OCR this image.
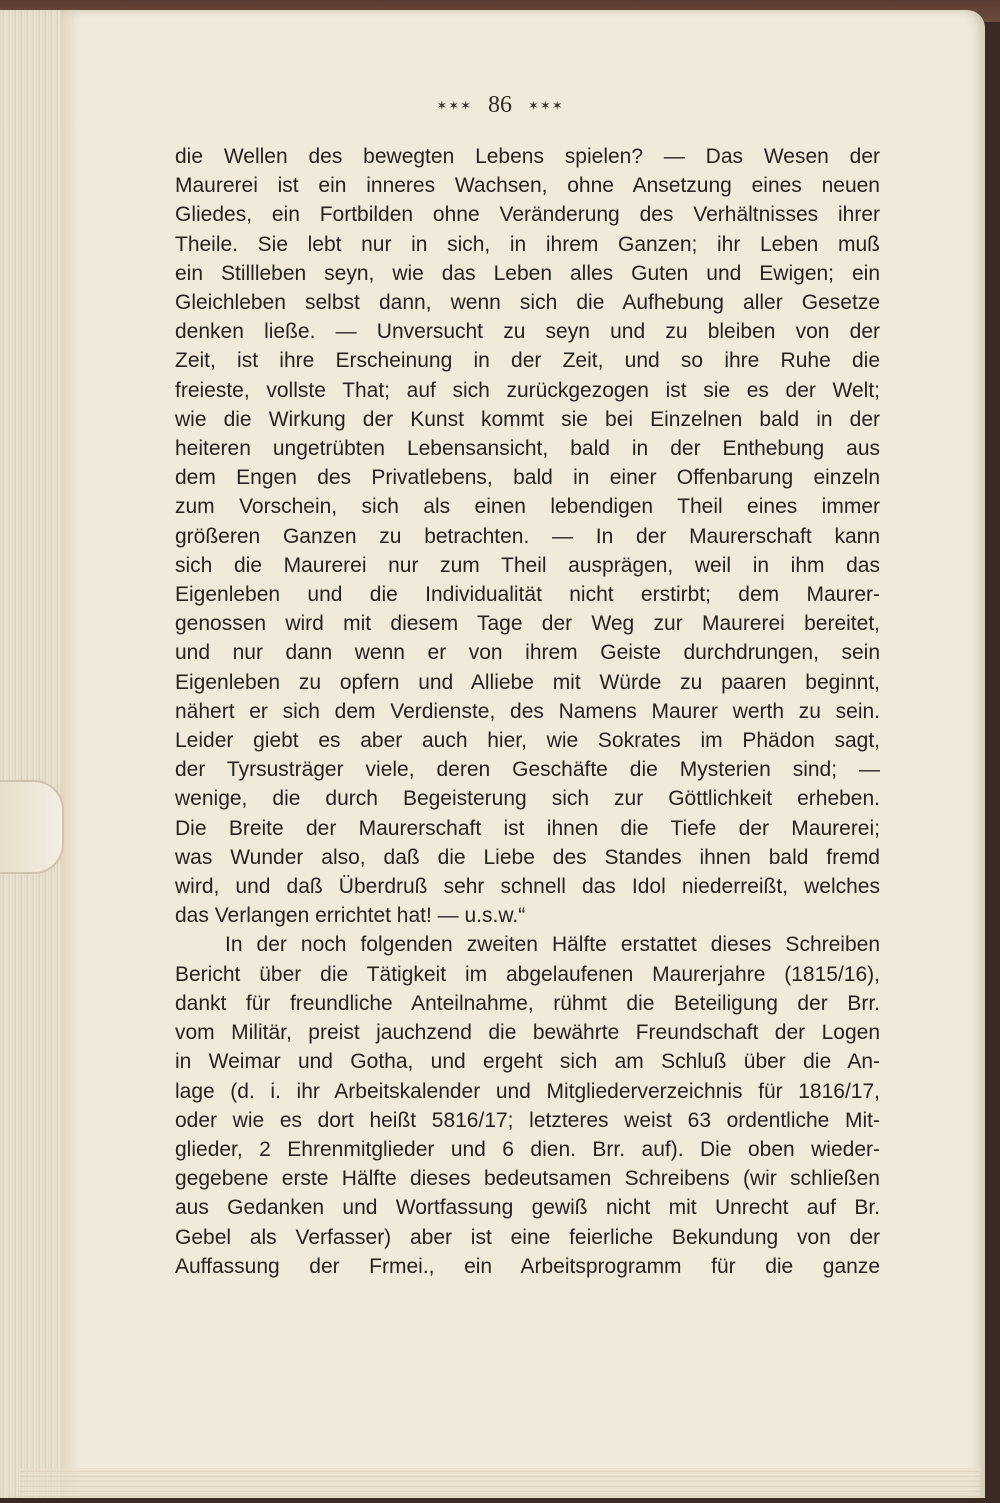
✶✶✶ 86 ✶✶✶
die Wellen des bewegten Lebens spielen? — Das Wesen der
Maurerei ist ein inneres Wachsen, ohne Ansetzung eines neuen
Gliedes, ein Fortbilden ohne Veränderung des Verhältnisses ihrer
Theile. Sie lebt nur in sich, in ihrem Ganzen; ihr Leben muß
ein Stillleben seyn, wie das Leben alles Guten und Ewigen; ein
Gleichleben selbst dann, wenn sich die Aufhebung aller Gesetze
denken ließe. — Unversucht zu seyn und zu bleiben von der
Zeit, ist ihre Erscheinung in der Zeit, und so ihre Ruhe die
freieste, vollste That; auf sich zurückgezogen ist sie es der Welt;
wie die Wirkung der Kunst kommt sie bei Einzelnen bald in der
heiteren ungetrübten Lebensansicht, bald in der Enthebung aus
dem Engen des Privatlebens, bald in einer Offenbarung einzeln
zum Vorschein, sich als einen lebendigen Theil eines immer
größeren Ganzen zu betrachten. — In der Maurerschaft kann
sich die Maurerei nur zum Theil ausprägen, weil in ihm das
Eigenleben und die Individualität nicht erstirbt; dem Maurer-
genossen wird mit diesem Tage der Weg zur Maurerei bereitet,
und nur dann wenn er von ihrem Geiste durchdrungen, sein
Eigenleben zu opfern und Alliebe mit Würde zu paaren beginnt,
nähert er sich dem Verdienste, des Namens Maurer werth zu sein.
Leider giebt es aber auch hier, wie Sokrates im Phädon sagt,
der Tyrsusträger viele, deren Geschäfte die Mysterien sind; —
wenige, die durch Begeisterung sich zur Göttlichkeit erheben.
Die Breite der Maurerschaft ist ihnen die Tiefe der Maurerei;
was Wunder also, daß die Liebe des Standes ihnen bald fremd
wird, und daß Überdruß sehr schnell das Idol niederreißt, welches
das Verlangen errichtet hat! — u.s.w.“
In der noch folgenden zweiten Hälfte erstattet dieses Schreiben
Bericht über die Tätigkeit im abgelaufenen Maurerjahre (1815/16),
dankt für freundliche Anteilnahme, rühmt die Beteiligung der Brr.
vom Militär, preist jauchzend die bewährte Freundschaft der Logen
in Weimar und Gotha, und ergeht sich am Schluß über die An-
lage (d. i. ihr Arbeitskalender und Mitgliederverzeichnis für 1816/17,
oder wie es dort heißt 5816/17; letzteres weist 63 ordentliche Mit-
glieder, 2 Ehrenmitglieder und 6 dien. Brr. auf). Die oben wieder-
gegebene erste Hälfte dieses bedeutsamen Schreibens (wir schließen
aus Gedanken und Wortfassung gewiß nicht mit Unrecht auf Br.
Gebel als Verfasser) aber ist eine feierliche Bekundung von der
Auffassung der Frmei., ein Arbeitsprogramm für die ganze
